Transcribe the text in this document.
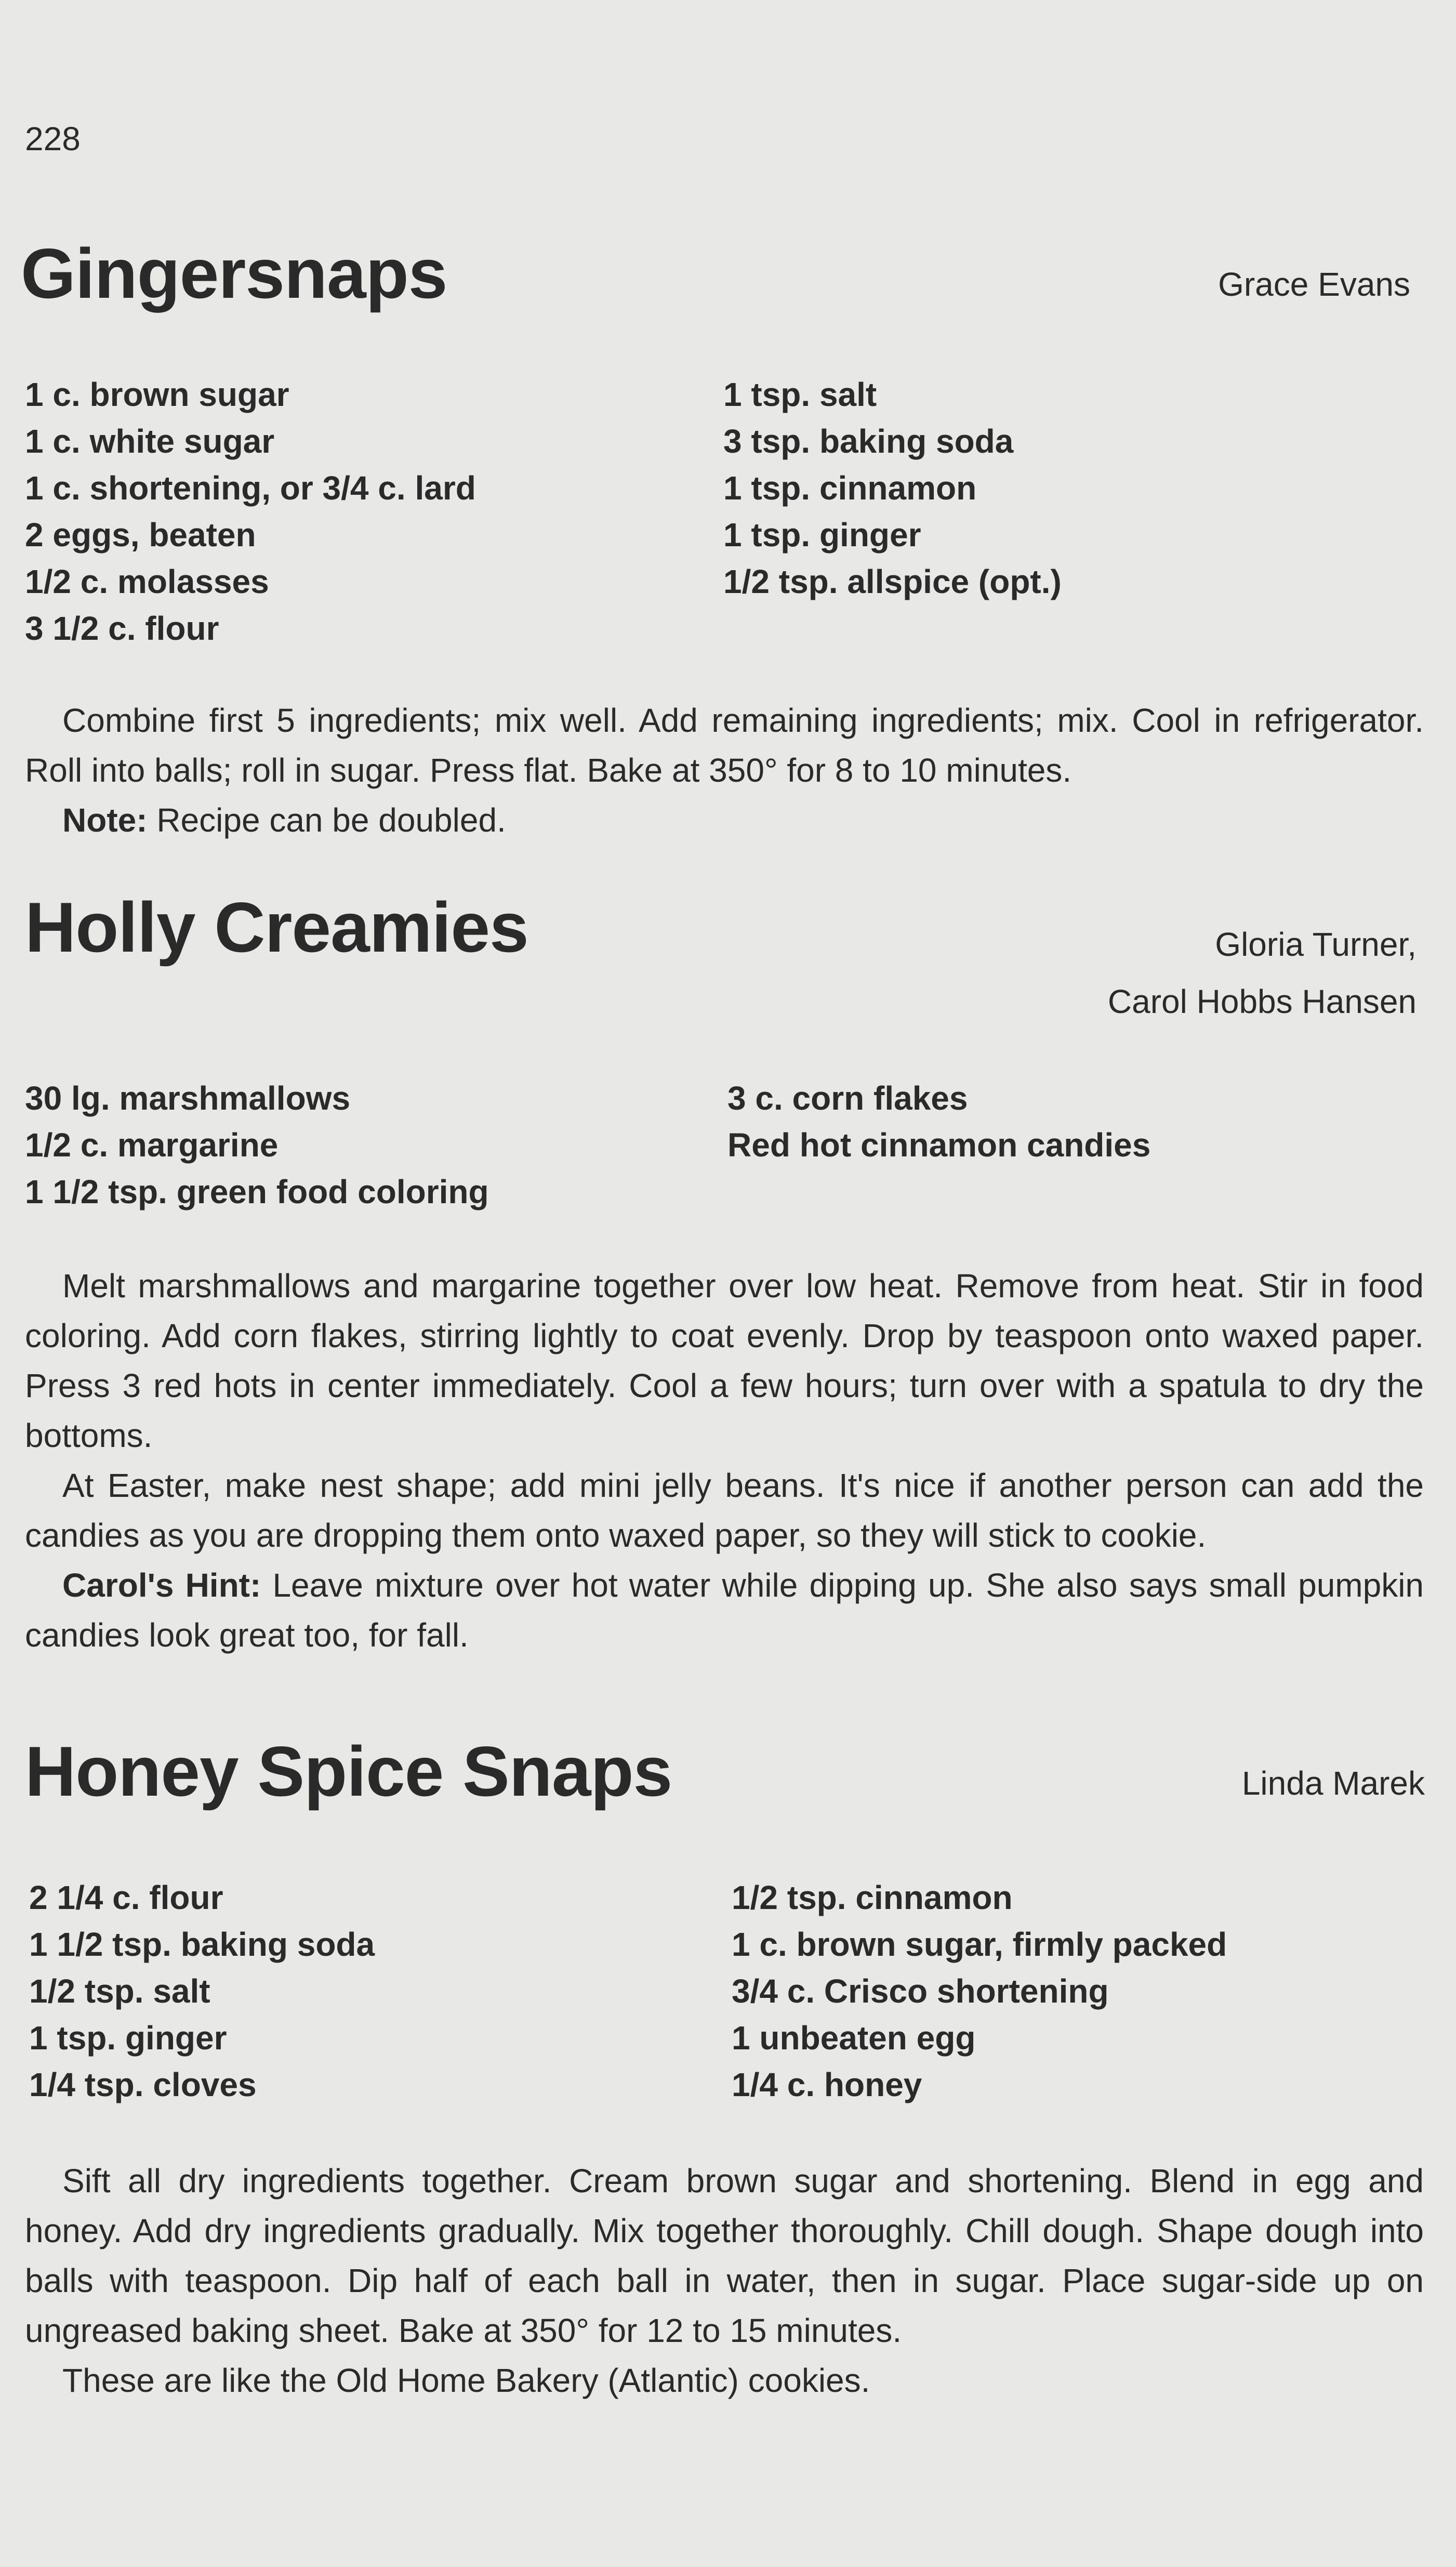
228
Gingersnaps	Grace Evans
1 c. brown sugar
1 c. white sugar
1 c. shortening, or 3/4 c. lard
2 eggs, beaten
1/2 c. molasses
3 1/2 c. flour
1 tsp. salt
3 tsp. baking soda
1 tsp. cinnamon
1 tsp. ginger
1/2 tsp. allspice (opt.)

Combine first 5 ingredients; mix well. Add remaining ingredients; mix. Cool in refrigerator. Roll into balls; roll in sugar. Press flat. Bake at 350° for 8 to 10 minutes.

Note: Recipe can be doubled.

Holly Creamies	Gloria Turner,
Carol Hobbs Hansen
30 lg. marshmallows
1/2 c. margarine
1 1/2 tsp. green food coloring
3 c. corn flakes
Red hot cinnamon candies

Melt marshmallows and margarine together over low heat. Remove from heat. Stir in food coloring. Add corn flakes, stirring lightly to coat evenly. Drop by teaspoon onto waxed paper. Press 3 red hots in center immediately. Cool a few hours; turn over with a spatula to dry the bottoms.

At Easter, make nest shape; add mini jelly beans. It's nice if another person can add the candies as you are dropping them onto waxed paper, so they will stick to cookie.

Carol's Hint: Leave mixture over hot water while dipping up. She also says small pumpkin candies look great too, for fall.

Honey Spice Snaps	Linda Marek
2 1/4 c. flour
1 1/2 tsp. baking soda
1/2 tsp. salt
1 tsp. ginger
1/4 tsp. cloves
1/2 tsp. cinnamon
1 c. brown sugar, firmly packed
3/4 c. Crisco shortening
1 unbeaten egg
1/4 c. honey

Sift all dry ingredients together. Cream brown sugar and shortening. Blend in egg and honey. Add dry ingredients gradually. Mix together thoroughly. Chill dough. Shape dough into balls with teaspoon. Dip half of each ball in water, then in sugar. Place sugar-side up on ungreased baking sheet. Bake at 350° for 12 to 15 minutes.

These are like the Old Home Bakery (Atlantic) cookies.
